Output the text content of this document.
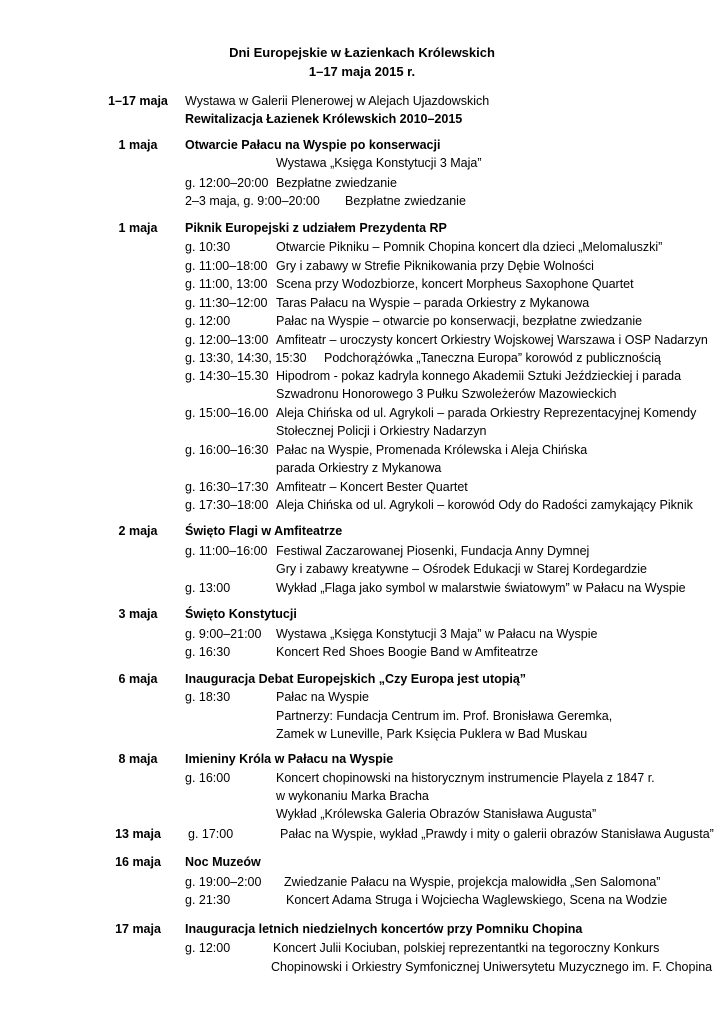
Dni Europejskie w Łazienkach Królewskich
1–17 maja 2015 r.
1–17 maja	Wystawa w Galerii Plenerowej w Alejach Ujazdowskich
Rewitalizacja Łazienek Królewskich 2010–2015
1 maja	Otwarcie Pałacu na Wyspie po konserwacji
Wystawa „Księga Konstytucji 3 Maja”
g. 12:00–20:00 Bezpłatne zwiedzanie
2–3 maja, g. 9:00–20:00 Bezpłatne zwiedzanie
1 maja	Piknik Europejski z udziałem Prezydenta RP
g. 10:30	Otwarcie Pikniku – Pomnik Chopina koncert dla dzieci „Melomaluszki”
g. 11:00–18:00 Gry i zabawy w Strefie Piknikowania przy Dębie Wolności
g. 11:00, 13:00 Scena przy Wodozbiorze, koncert Morpheus Saxophone Quartet
g. 11:30–12:00 Taras Pałacu na Wyspie – parada Orkiestry z Mykanowa
g. 12:00	Pałac na Wyspie – otwarcie po konserwacji, bezpłatne zwiedzanie
g. 12:00–13:00 Amfiteatr – uroczysty koncert Orkiestry Wojskowej Warszawa i OSP Nadarzyn
g. 13:30, 14:30, 15:30 Podchorążówka „Taneczna Europa” korowód z publicznością
g. 14:30–15.30 Hipodrom - pokaz kadryla konnego Akademii Sztuki Jeździeckiej i parada
Szwadronu Honorowego 3 Pułku Szwoleżerów Mazowieckich
g. 15:00–16.00 Aleja Chińska od ul. Agrykoli – parada Orkiestry Reprezentacyjnej Komendy
Stołecznej Policji i Orkiestry Nadarzyn
g. 16:00–16:30 Pałac na Wyspie, Promenada Królewska i Aleja Chińska
parada Orkiestry z Mykanowa
g. 16:30–17:30 Amfiteatr – Koncert Bester Quartet
g. 17:30–18:00 Aleja Chińska od ul. Agrykoli – korowód Ody do Radości zamykający Piknik
2 maja	Święto Flagi w Amfiteatrze
g. 11:00–16:00 Festiwal Zaczarowanej Piosenki, Fundacja Anny Dymnej
Gry i zabawy kreatywne – Ośrodek Edukacji w Starej Kordegardzie
g. 13:00	Wykład „Flaga jako symbol w malarstwie światowym” w Pałacu na Wyspie
3 maja	Święto Konstytucji
g. 9:00–21:00 Wystawa „Księga Konstytucji 3 Maja” w Pałacu na Wyspie
g. 16:30	Koncert Red Shoes Boogie Band w Amfiteatrze
6 maja	Inauguracja Debat Europejskich „Czy Europa jest utopią”
g. 18:30	Pałac na Wyspie
Partnerzy: Fundacja Centrum im. Prof. Bronisława Geremka,
Zamek w Luneville, Park Księcia Puklera w Bad Muskau
8 maja	Imieniny Króla w Pałacu na Wyspie
g. 16:00	Koncert chopinowski na historycznym instrumencie Playela z 1847 r.
w wykonaniu Marka Bracha
Wykład „Królewska Galeria Obrazów Stanisława Augusta”
13 maja	g. 17:00	Pałac na Wyspie, wykład „Prawdy i mity o galerii obrazów Stanisława Augusta”
16 maja	Noc Muzeów
g. 19:00–2:00 Zwiedzanie Pałacu na Wyspie, projekcja malowidła „Sen Salomona”
g. 21:30	Koncert Adama Struga i Wojciecha Waglewskiego, Scena na Wodzie
17 maja	Inauguracja letnich niedzielnych koncertów przy Pomniku Chopina
g. 12:00	Koncert Julii Kociuban, polskiej reprezentantki na tegoroczny Konkurs
Chopinowski i Orkiestry Symfonicznej Uniwersytetu Muzycznego im. F. Chopina
